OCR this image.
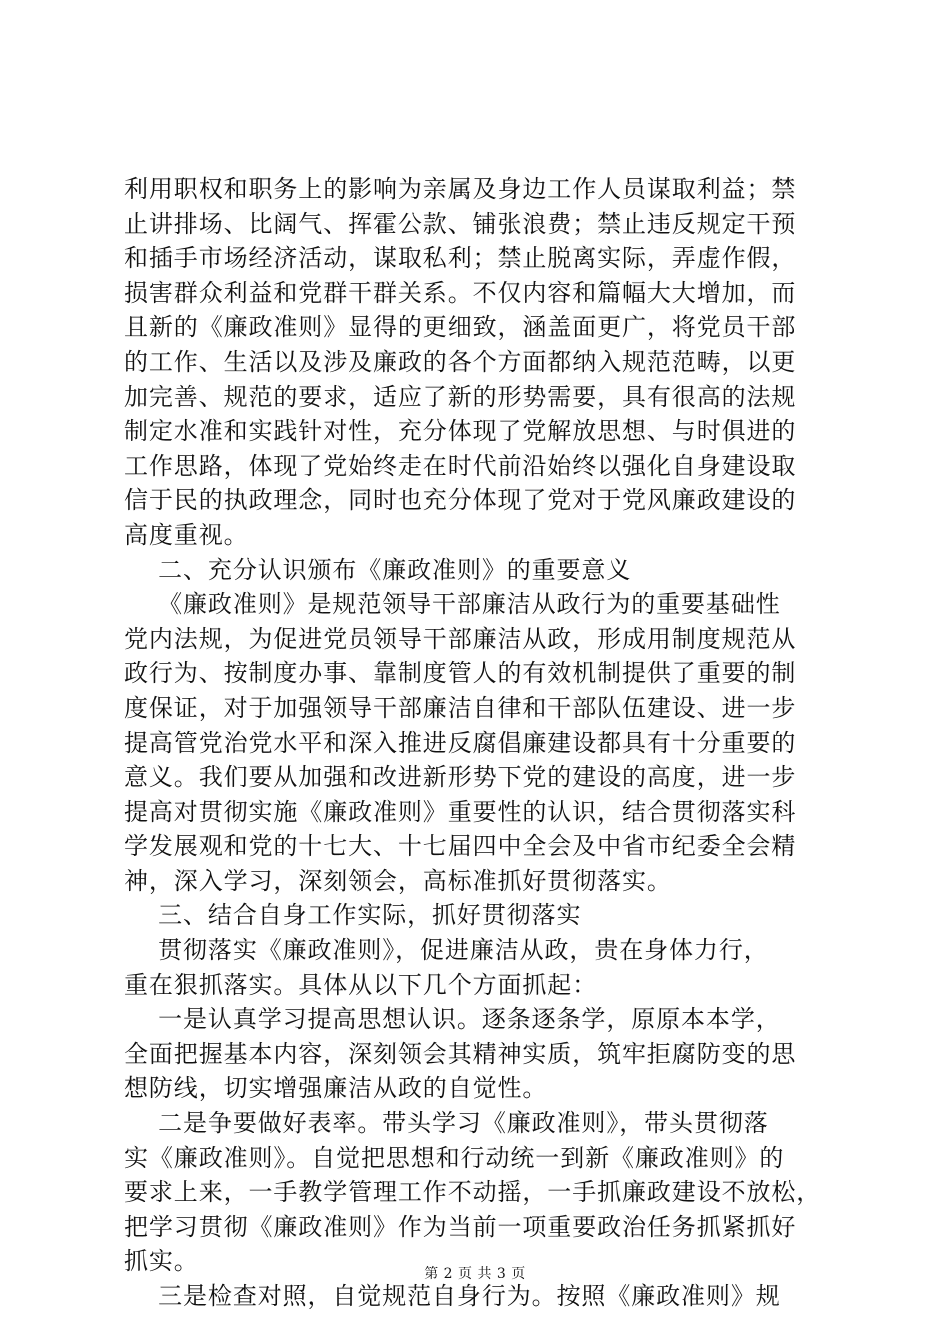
利用职权和职务上的影响为亲属及身边工作人员谋取利益；禁
止讲排场、比阔气、挥霍公款、铺张浪费；禁止违反规定干预
和插手市场经济活动，谋取私利；禁止脱离实际，弄虚作假，
损害群众利益和党群干群关系。不仅内容和篇幅大大增加，而
且新的《廉政准则》显得的更细致，涵盖面更广，将党员干部
的工作、生活以及涉及廉政的各个方面都纳入规范范畴，以更
加完善、规范的要求，适应了新的形势需要，具有很高的法规
制定水准和实践针对性，充分体现了党解放思想、与时俱进的
工作思路，体现了党始终走在时代前沿始终以强化自身建设取
信于民的执政理念，同时也充分体现了党对于党风廉政建设的
高度重视。
二、充分认识颁布《廉政准则》的重要意义
《廉政准则》是规范领导干部廉洁从政行为的重要基础性
党内法规，为促进党员领导干部廉洁从政，形成用制度规范从
政行为、按制度办事、靠制度管人的有效机制提供了重要的制
度保证，对于加强领导干部廉洁自律和干部队伍建设、进一步
提高管党治党水平和深入推进反腐倡廉建设都具有十分重要的
意义。我们要从加强和改进新形势下党的建设的高度，进一步
提高对贯彻实施《廉政准则》重要性的认识，结合贯彻落实科
学发展观和党的十七大、十七届四中全会及中省市纪委全会精
神，深入学习，深刻领会，高标准抓好贯彻落实。
三、结合自身工作实际，抓好贯彻落实
贯彻落实《廉政准则》，促进廉洁从政，贵在身体力行，
重在狠抓落实。具体从以下几个方面抓起：
一是认真学习提高思想认识。逐条逐条学，原原本本学，
全面把握基本内容，深刻领会其精神实质，筑牢拒腐防变的思
想防线，切实增强廉洁从政的自觉性。
二是争要做好表率。带头学习《廉政准则》，带头贯彻落
实《廉政准则》。自觉把思想和行动统一到新《廉政准则》的
要求上来，一手教学管理工作不动摇，一手抓廉政建设不放松，
把学习贯彻《廉政准则》作为当前一项重要政治任务抓紧抓好
抓实。
三是检查对照，自觉规范自身行为。按照《廉政准则》规
第 2 页 共 3 页
